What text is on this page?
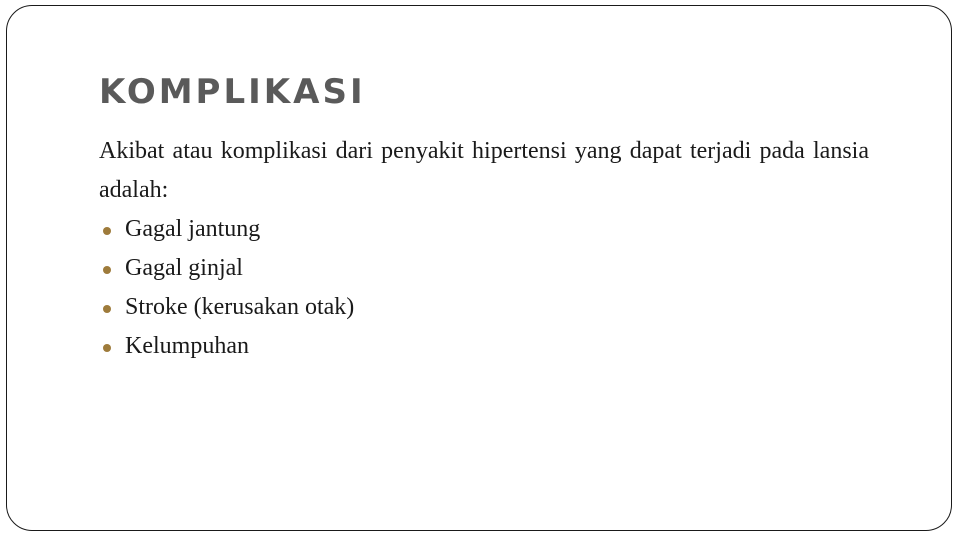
KOMPLIKASI

Akibat atau komplikasi dari penyakit hipertensi yang dapat terjadi pada lansia adalah:

Gagal jantung
Gagal ginjal
Stroke (kerusakan otak)
Kelumpuhan
